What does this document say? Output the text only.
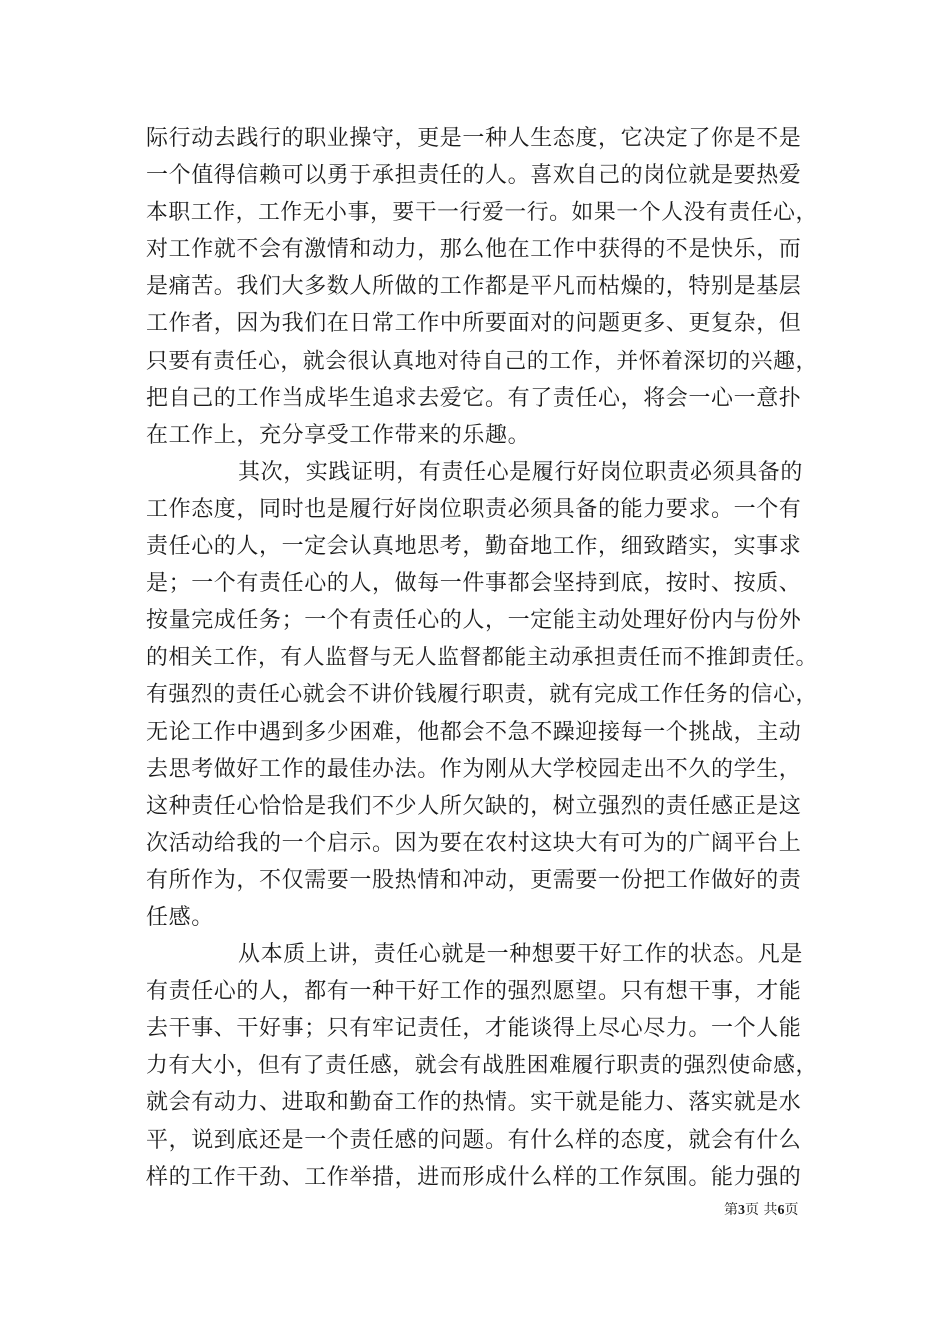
际行动去践行的职业操守，更是一种人生态度，它决定了你是不是
一个值得信赖可以勇于承担责任的人。喜欢自己的岗位就是要热爱
本职工作，工作无小事，要干一行爱一行。如果一个人没有责任心，
对工作就不会有激情和动力，那么他在工作中获得的不是快乐，而
是痛苦。我们大多数人所做的工作都是平凡而枯燥的，特别是基层
工作者，因为我们在日常工作中所要面对的问题更多、更复杂，但
只要有责任心，就会很认真地对待自己的工作，并怀着深切的兴趣，
把自己的工作当成毕生追求去爱它。有了责任心，将会一心一意扑
在工作上，充分享受工作带来的乐趣。
其次，实践证明，有责任心是履行好岗位职责必须具备的
工作态度，同时也是履行好岗位职责必须具备的能力要求。一个有
责任心的人，一定会认真地思考，勤奋地工作，细致踏实，实事求
是；一个有责任心的人，做每一件事都会坚持到底，按时、按质、
按量完成任务；一个有责任心的人，一定能主动处理好份内与份外
的相关工作，有人监督与无人监督都能主动承担责任而不推卸责任。
有强烈的责任心就会不讲价钱履行职责，就有完成工作任务的信心，
无论工作中遇到多少困难，他都会不急不躁迎接每一个挑战，主动
去思考做好工作的最佳办法。作为刚从大学校园走出不久的学生，
这种责任心恰恰是我们不少人所欠缺的，树立强烈的责任感正是这
次活动给我的一个启示。因为要在农村这块大有可为的广阔平台上
有所作为，不仅需要一股热情和冲动，更需要一份把工作做好的责
任感。
从本质上讲，责任心就是一种想要干好工作的状态。凡是
有责任心的人，都有一种干好工作的强烈愿望。只有想干事，才能
去干事、干好事；只有牢记责任，才能谈得上尽心尽力。一个人能
力有大小，但有了责任感，就会有战胜困难履行职责的强烈使命感，
就会有动力、进取和勤奋工作的热情。实干就是能力、落实就是水
平，说到底还是一个责任感的问题。有什么样的态度，就会有什么
样的工作干劲、工作举措，进而形成什么样的工作氛围。能力强的
第3页 共6页
